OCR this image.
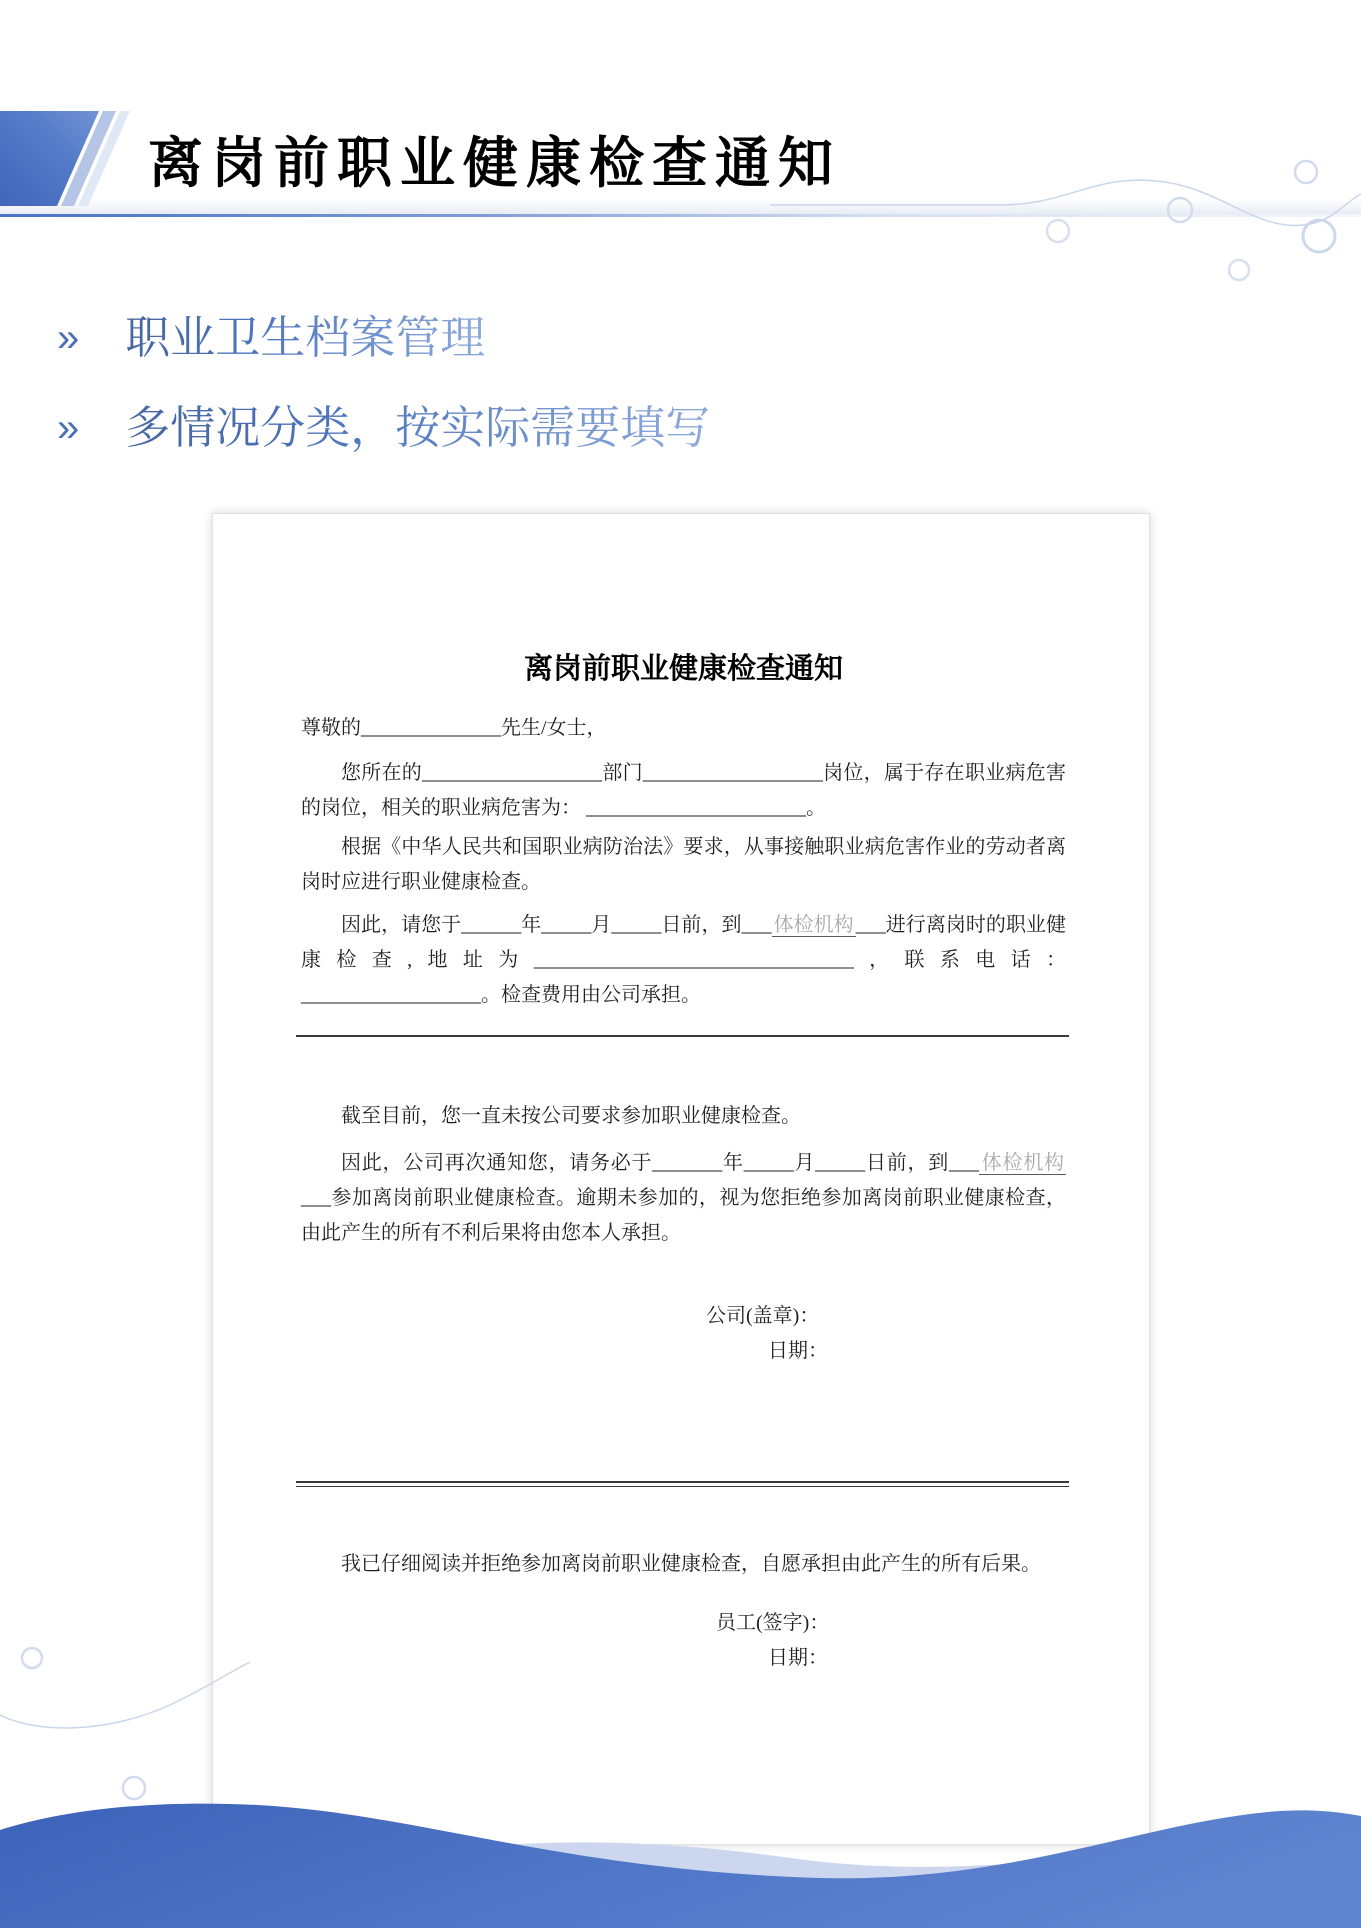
离岗前职业健康检查通知
» 职业卫生档案管理
» 多情况分类，按实际需要填写
离岗前职业健康检查通知

尊敬的______________先生/女士，

您所在的__________________部门__________________岗位，属于存在职业病危害的岗位，相关的职业病危害为： ______________________。

根据《中华人民共和国职业病防治法》要求，从事接触职业病危害作业的劳动者离岗时应进行职业健康检查。

因此，请您于______年_____月_____日前，到___ 体检机构 ___进行离岗时的职业健康检查,地址为________________________________，联系电话： __________________。检查费用由公司承担。

截至目前，您一直未按公司要求参加职业健康检查。

因此，公司再次通知您，请务必于_______年_____月_____日前，到___ 体检机构___参加离岗前职业健康检查。逾期未参加的，视为您拒绝参加离岗前职业健康检查，由此产生的所有不利后果将由您本人承担。

公司(盖章)：

日期：

我已仔细阅读并拒绝参加离岗前职业健康检查，自愿承担由此产生的所有后果。

员工(签字)：

日期：
